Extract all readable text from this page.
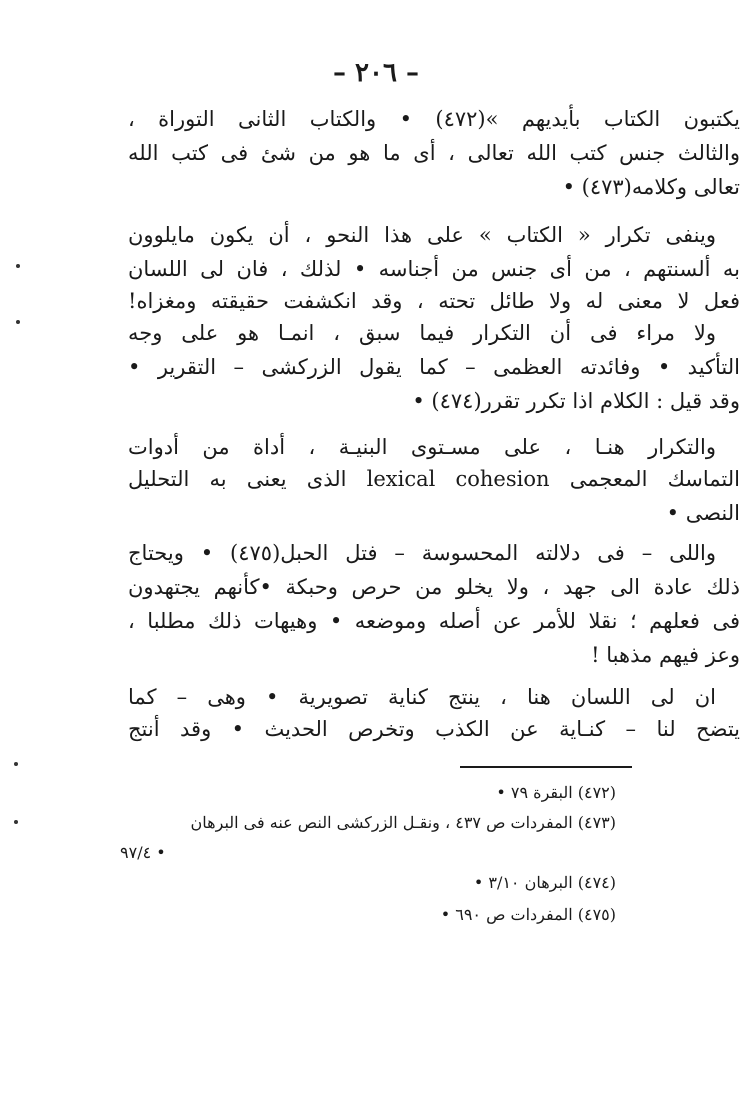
– ٢٠٦ –
يكتبون الكتاب بأيديهم »(٤٧٢) • والكتاب الثانى التوراة ،
والثالث جنس كتب الله تعالى ، أى ما هو من شئ فى كتب الله
تعالى وكلامه(٤٧٣) •
وينفى تكرار « الكتاب » على هذا النحو ، أن يكون مايلوون
به ألسنتهم ، من أى جنس من أجناسه • لذلك ، فان لى اللسان
فعل لا معنى له ولا طائل تحته ، وقد انكشفت حقيقته ومغزاه!
ولا مراء فى أن التكرار فيما سبق ، انمـا هو على وجه
التأكيد • وفائدته العظمى – كما يقول الزركشى – التقرير •
وقد قيل : الكلام اذا تكرر تقرر(٤٧٤) •
والتكرار هنـا ، على مسـتوى البنيـة ، أداة من أدوات
التماسك المعجمى lexical cohesion الذى يعنى به التحليل
النصى •
واللى – فى دلالته المحسوسة – فتل الحبل(٤٧٥) • ويحتاج
ذلك عادة الى جهد ، ولا يخلو من حرص وحبكة •كأنهم يجتهدون
فى فعلهم ؛ نقلا للأمر عن أصله وموضعه • وهيهات ذلك مطلبا ،
وعز فيهم مذهبا !
ان لى اللسان هنا ، ينتج كناية تصويرية • وهى – كما
يتضح لنا – كنـاية عن الكذب وتخرص الحديث • وقد أنتج
(٤٧٢) البقرة ٧٩ •
(٤٧٣) المفردات ص ٤٣٧ ، ونقـل الزركشى النص عنه فى البرهان
٩٧/٤ •
(٤٧٤) البرهان ٣/١٠ •
(٤٧٥) المفردات ص ٦٩٠ •
